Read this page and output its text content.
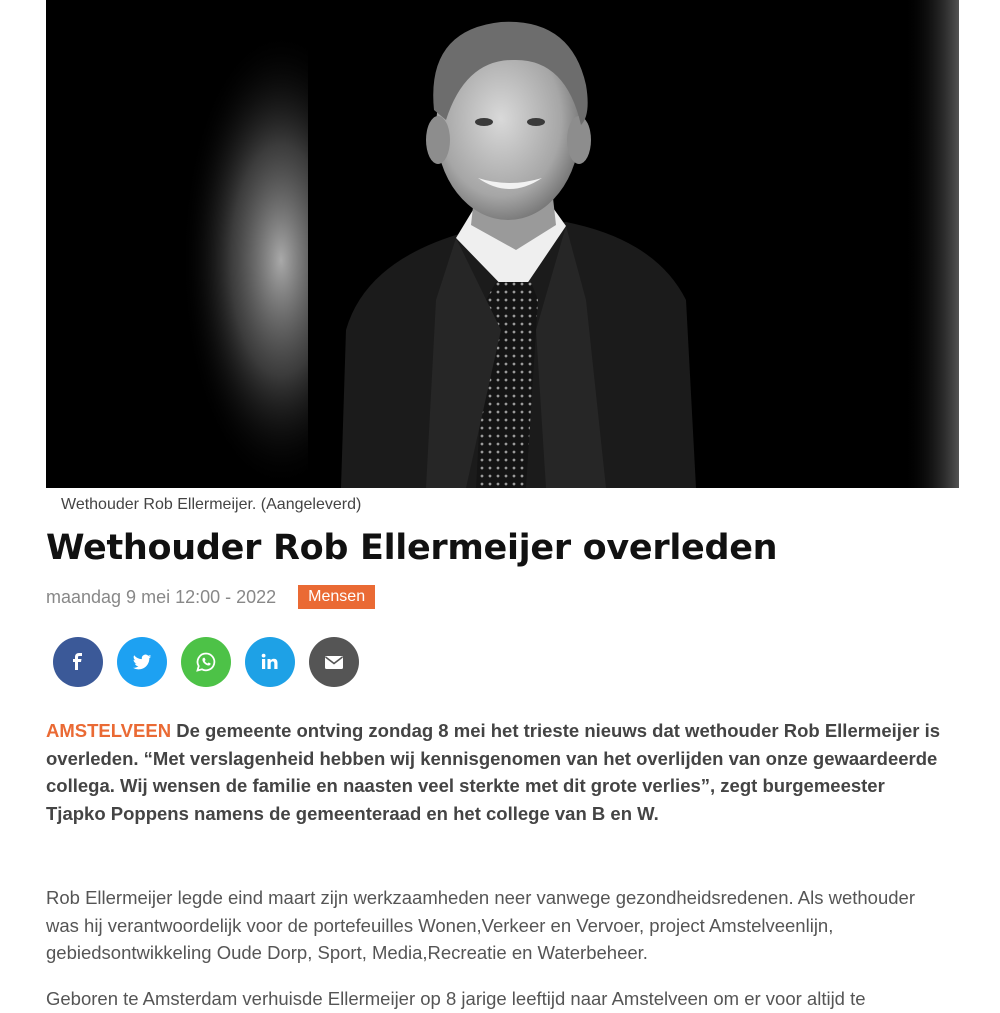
Wethouder Rob Ellermeijer. (Aangeleverd)
Wethouder Rob Ellermeijer overleden
maandag 9 mei 12:00 - 2022	Mensen

AMSTELVEEN De gemeente ontving zondag 8 mei het trieste nieuws dat wethouder Rob Ellermeijer is overleden. “Met verslagenheid hebben wij kennisgenomen van het overlijden van onze gewaardeerde collega. Wij wensen de familie en naasten veel sterkte met dit grote verlies”, zegt burgemeester Tjapko Poppens namens de gemeenteraad en het college van B en W.

Rob Ellermeijer legde eind maart zijn werkzaamheden neer vanwege gezondheidsredenen. Als wethouder was hij verantwoordelijk voor de portefeuilles Wonen,Verkeer en Vervoer, project Amstelveenlijn, gebiedsontwikkeling Oude Dorp, Sport, Media,Recreatie en Waterbeheer.

Geboren te Amsterdam verhuisde Ellermeijer op 8 jarige leeftijd naar Amstelveen om er voor altijd te
